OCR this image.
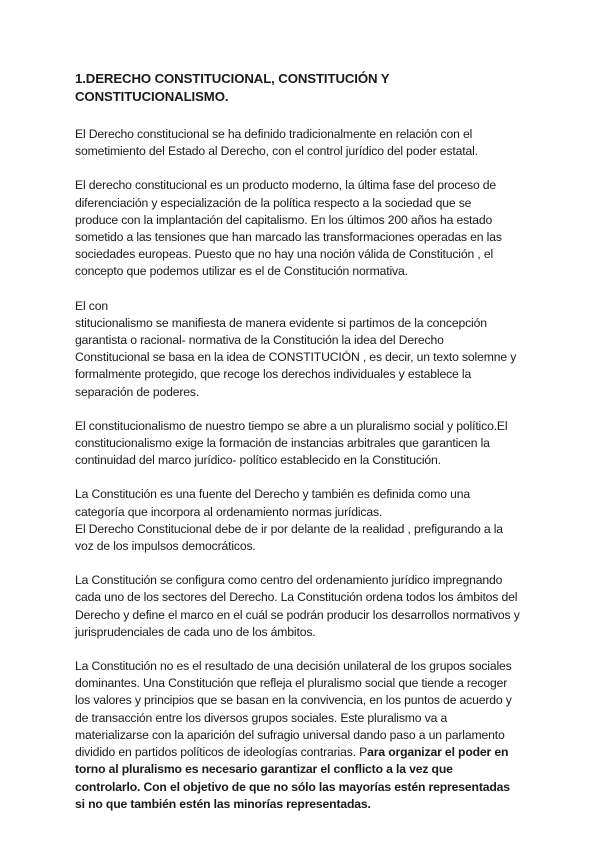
1.DERECHO CONSTITUCIONAL, CONSTITUCIÓN Y
CONSTITUCIONALISMO.

El Derecho constitucional se ha definido tradicionalmente en relación con el
sometimiento del Estado al Derecho, con el control jurídico del poder estatal.

El derecho constitucional es un producto moderno, la última fase del proceso de
diferenciación y especialización de la política respecto a la sociedad que se
produce con la implantación del capitalismo. En los últimos 200 años ha estado
sometido a las tensiones que han marcado las transformaciones operadas en las
sociedades europeas. Puesto que no hay una noción válida de Constitución , el
concepto que podemos utilizar es el de Constitución normativa.

El con
stitucionalismo se manifiesta de manera evidente si partimos de la concepción
garantista o racional- normativa de la Constitución la idea del Derecho
Constitucional se basa en la idea de CONSTITUCIÓN , es decir, un texto solemne y
formalmente protegido, que recoge los derechos individuales y establece la
separación de poderes.

El constitucionalismo de nuestro tiempo se abre a un pluralismo social y político.El
constitucionalismo exige la formación de instancias arbitrales que garanticen la
continuidad del marco jurídico- político establecido en la Constitución.

La Constitución es una fuente del Derecho y también es definida como una
categoría que incorpora al ordenamiento normas jurídicas.
El Derecho Constitucional debe de ir por delante de la realidad , prefigurando a la
voz de los impulsos democráticos.

La Constitución se configura como centro del ordenamiento jurídico impregnando
cada uno de los sectores del Derecho. La Constitución ordena todos los ámbitos del
Derecho y define el marco en el cuál se podrán producir los desarrollos normativos y
jurisprudenciales de cada uno de los ámbitos.

La Constitución no es el resultado de una decisión unilateral de los grupos sociales
dominantes. Una Constitución que refleja el pluralismo social que tiende a recoger
los valores y principios que se basan en la convivencia, en los puntos de acuerdo y
de transacción entre los diversos grupos sociales. Este pluralismo va a
materializarse con la aparición del sufragio universal dando paso a un parlamento
dividido en partidos políticos de ideologías contrarias. Para organizar el poder en
torno al pluralismo es necesario garantizar el conflicto a la vez que
controlarlo. Con el objetivo de que no sólo las mayorías estén representadas
si no que también estén las minorías representadas.
